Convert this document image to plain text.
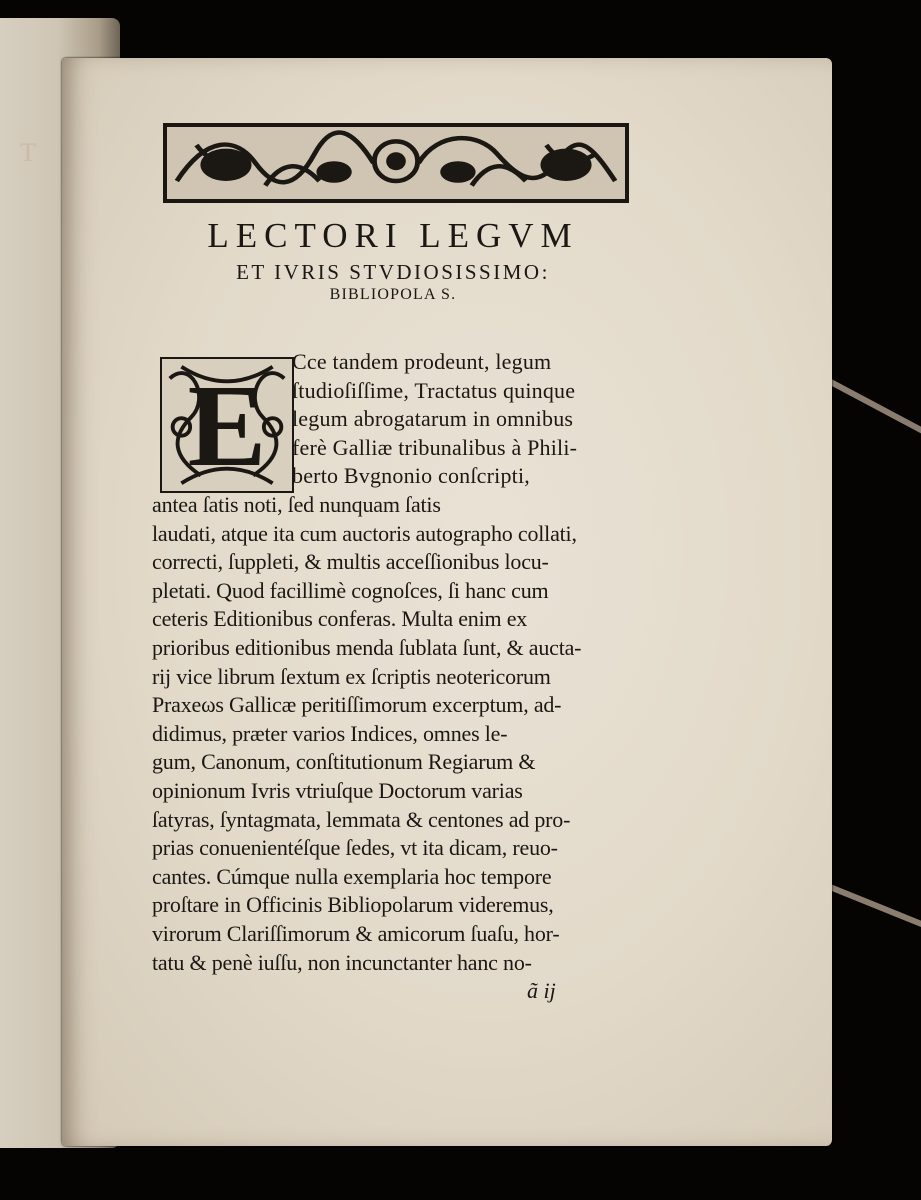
T
LECTORI LEGVM
ET IVRIS STVDIOSISSIMO:
BIBLIOPOLA S.
E	Cce tandem prodeunt, legum
ſtudioſiſſime, Tractatus quinque
legum abrogatarum in omnibus
ferè Galliæ tribunalibus à Phili-
berto Bvgnonio conſcripti,
antea ſatis noti, ſed nunquam ſatis
laudati, atque ita cum auctoris autographo collati,
correcti, ſuppleti, & multis acceſſionibus locu-
pletati. Quod facillimè cognoſces, ſi hanc cum
ceteris Editionibus conferas. Multa enim ex
prioribus editionibus menda ſublata ſunt, & aucta-
rij vice librum ſextum ex ſcriptis neotericorum
Praxeωs Gallicæ peritiſſimorum excerptum, ad-
didimus, præter varios Indices, omnes le-
gum, Canonum, conſtitutionum Regiarum &
opinionum Ivris vtriuſque Doctorum varias
ſatyras, ſyntagmata, lemmata & centones ad pro-
prias conuenientéſque ſedes, vt ita dicam, reuo-
cantes. Cúmque nulla exemplaria hoc tempore
proſtare in Officinis Bibliopolarum videremus,
virorum Clariſſimorum & amicorum ſuaſu, hor-
tatu & penè iuſſu, non incunctanter hanc no-
ã ij
